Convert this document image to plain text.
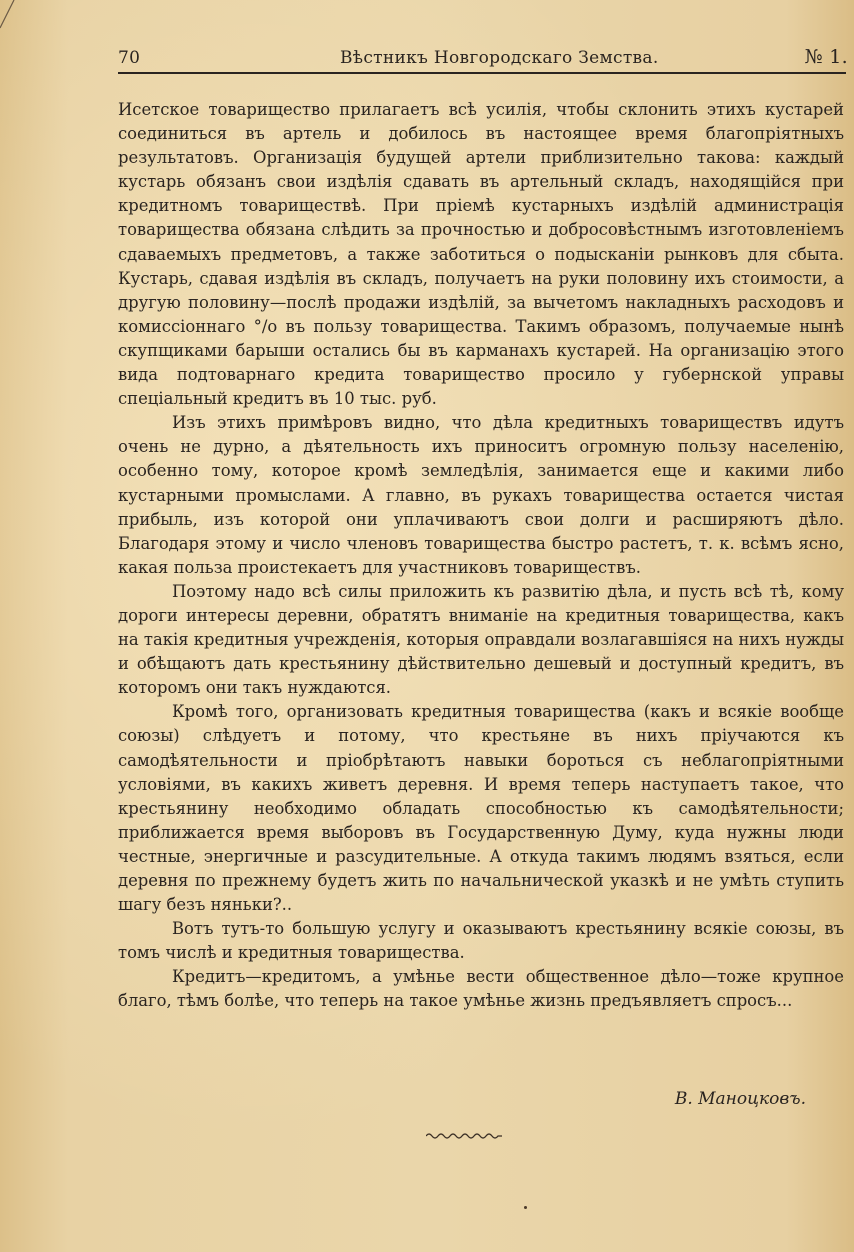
70	Вѣстникъ Новгородскаго Земства.	№ 1.

Исетское товарищество прилагаетъ всѣ усилія, чтобы склонить этихъ кустарей соединиться въ артель и добилось въ настоящее время благопріятныхъ результатовъ. Организація будущей артели приблизительно такова: каждый кустарь обязанъ свои издѣлія сдавать въ артельный складъ, находящійся при кредитномъ товариществѣ. При пріемѣ кустарныхъ издѣлій администрація товарищества обязана слѣдить за прочностью и добросовѣстнымъ изготовленіемъ сдаваемыхъ предметовъ, а также заботиться о подысканіи рынковъ для сбыта. Кустарь, сдавая издѣлія въ складъ, получаетъ на руки половину ихъ стоимости, а другую половину—послѣ продажи издѣлій, за вычетомъ накладныхъ расходовъ и комиссіоннаго °/о въ пользу товарищества. Такимъ образомъ, получаемые нынѣ скупщиками барыши остались бы въ карманахъ кустарей. На организацію этого вида подтоварнаго кредита товарищество просило у губернской управы спеціальный кредитъ въ 10 тыс. руб.

Изъ этихъ примѣровъ видно, что дѣла кредитныхъ товариществъ идутъ очень не дурно, а дѣятельность ихъ приноситъ огромную пользу населенію, особенно тому, которое кромѣ земледѣлія, занимается еще и какими либо кустарными промыслами. А главно, въ рукахъ товарищества остается чистая прибыль, изъ которой они уплачиваютъ свои долги и расширяютъ дѣло. Благодаря этому и число членовъ товарищества быстро растетъ, т. к. всѣмъ ясно, какая польза проистекаетъ для участниковъ товариществъ.

Поэтому надо всѣ силы приложить къ развитію дѣла, и пусть всѣ тѣ, кому дороги интересы деревни, обратятъ вниманіе на кредитныя товарищества, какъ на такія кредитныя учрежденія, которыя оправдали возлагавшіяся на нихъ нужды и обѣщаютъ дать крестьянину дѣйствительно дешевый и доступный кредитъ, въ которомъ они такъ нуждаются.

Кромѣ того, организовать кредитныя товарищества (какъ и всякіе вообще союзы) слѣдуетъ и потому, что крестьяне въ нихъ пріучаются къ самодѣятельности и пріобрѣтаютъ навыки бороться съ неблагопріятными условіями, въ какихъ живетъ деревня. И время теперь наступаетъ такое, что крестьянину необходимо обладать способностью къ самодѣятельности; приближается время выборовъ въ Государственную Думу, куда нужны люди честные, энергичные и разсудительные. А откуда такимъ людямъ взяться, если деревня по прежнему будетъ жить по начальнической указкѣ и не умѣть ступить шагу безъ няньки?..

Вотъ тутъ-то большую услугу и оказываютъ крестьянину всякіе союзы, въ томъ числѣ и кредитныя товарищества.

Кредитъ—кредитомъ, а умѣнье вести общественное дѣло—тоже крупное благо, тѣмъ болѣе, что теперь на такое умѣнье жизнь предъявляетъ спросъ...

В. Маноцковъ.
